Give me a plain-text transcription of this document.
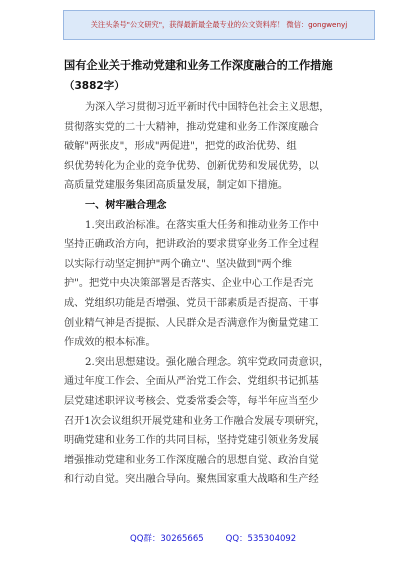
关注头条号"公文研究"，获得最新最全最专业的公文资料库！ 微信：gongwenyj
国有企业关于推动党建和业务工作深度融合的工作措施
（3882字）
为深入学习贯彻习近平新时代中国特色社会主义思想，
贯彻落实党的二十大精神，推动党建和业务工作深度融合
破解"两张皮"，形成"两促进"，把党的政治优势、组
织优势转化为企业的竞争优势、创新优势和发展优势，以
高质量党建服务集团高质量发展，制定如下措施。
一、树牢融合理念
1.突出政治标准。在落实重大任务和推动业务工作中
坚持正确政治方向，把讲政治的要求贯穿业务工作全过程
以实际行动坚定拥护"两个确立"、坚决做到"两个维
护"。把党中央决策部署是否落实、企业中心工作是否完
成、党组织功能是否增强、党员干部素质是否提高、干事
创业精气神是否提振、人民群众是否满意作为衡量党建工
作成效的根本标准。
2.突出思想建设。强化融合理念。筑牢党政同责意识，
通过年度工作会、全面从严治党工作会、党组织书记抓基
层党建述职评议考核会、党委常委会等，每半年应当至少
召开1次会议组织开展党建和业务工作融合发展专项研究，
明确党建和业务工作的共同目标，坚持党建引领业务发展
增强推动党建和业务工作深度融合的思想自觉、政治自觉
和行动自觉。突出融合导向。聚焦国家重大战略和生产经
QQ群：30265665	QQ：535304092
